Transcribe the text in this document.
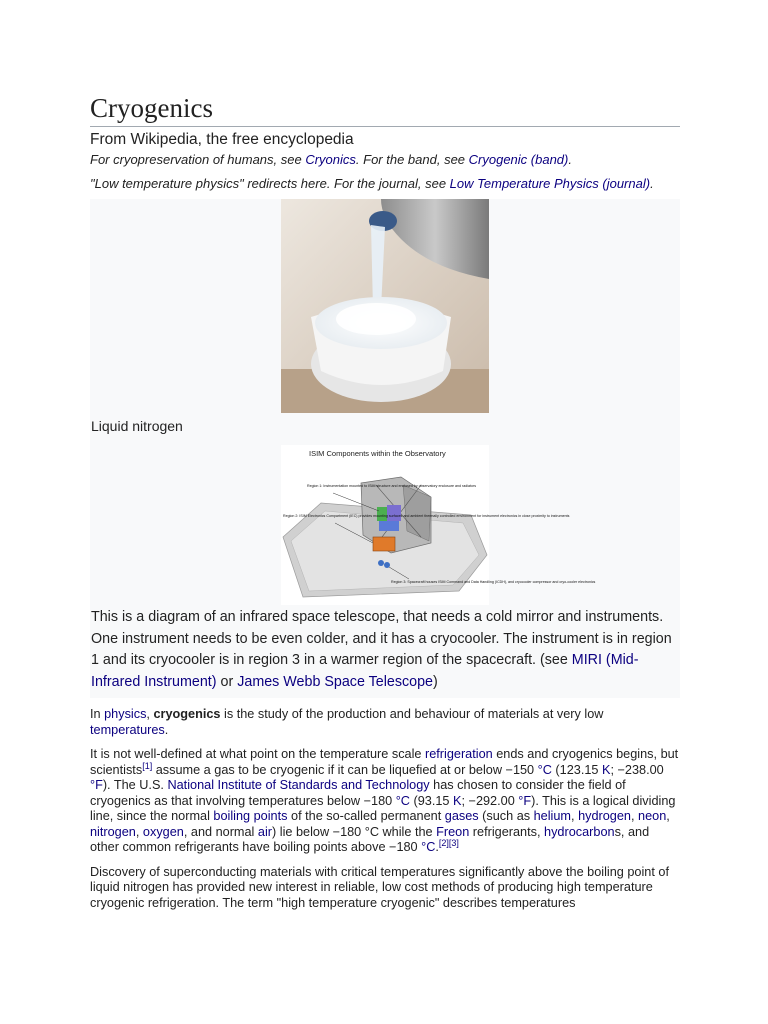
Cryogenics
From Wikipedia, the free encyclopedia
For cryopreservation of humans, see Cryonics. For the band, see Cryogenic (band).
"Low temperature physics" redirects here. For the journal, see Low Temperature Physics (journal).
Liquid nitrogen
ISIM Components within the Observatory
Region 1: Instrumentation mounted to ISIM structure and enclosed by observatory enclosure and radiators
Region 2: ISIM Electronics Compartment (IEC) provides mounting surfaces and ambient thermally controlled environment for instrument electronics in close proximity to instruments
Region 3: Spacecraft houses ISIM Command and Data Handling (ICDH), and cryocooler compressor and cryo-cooler electronics
This is a diagram of an infrared space telescope, that needs a cold mirror and instruments. One instrument needs to be even colder, and it has a cryocooler. The instrument is in region 1 and its cryocooler is in region 3 in a warmer region of the spacecraft. (see MIRI (Mid-Infrared Instrument) or James Webb Space Telescope)

In physics, cryogenics is the study of the production and behaviour of materials at very low temperatures.

It is not well-defined at what point on the temperature scale refrigeration ends and cryogenics begins, but scientists[1] assume a gas to be cryogenic if it can be liquefied at or below −150 °C (123.15 K; −238.00 °F). The U.S. National Institute of Standards and Technology has chosen to consider the field of cryogenics as that involving temperatures below −180 °C (93.15 K; −292.00 °F). This is a logical dividing line, since the normal boiling points of the so-called permanent gases (such as helium, hydrogen, neon, nitrogen, oxygen, and normal air) lie below −180 °C while the Freon refrigerants, hydrocarbons, and other common refrigerants have boiling points above −180 °C.[2][3]

Discovery of superconducting materials with critical temperatures significantly above the boiling point of liquid nitrogen has provided new interest in reliable, low cost methods of producing high temperature cryogenic refrigeration. The term "high temperature cryogenic" describes temperatures
